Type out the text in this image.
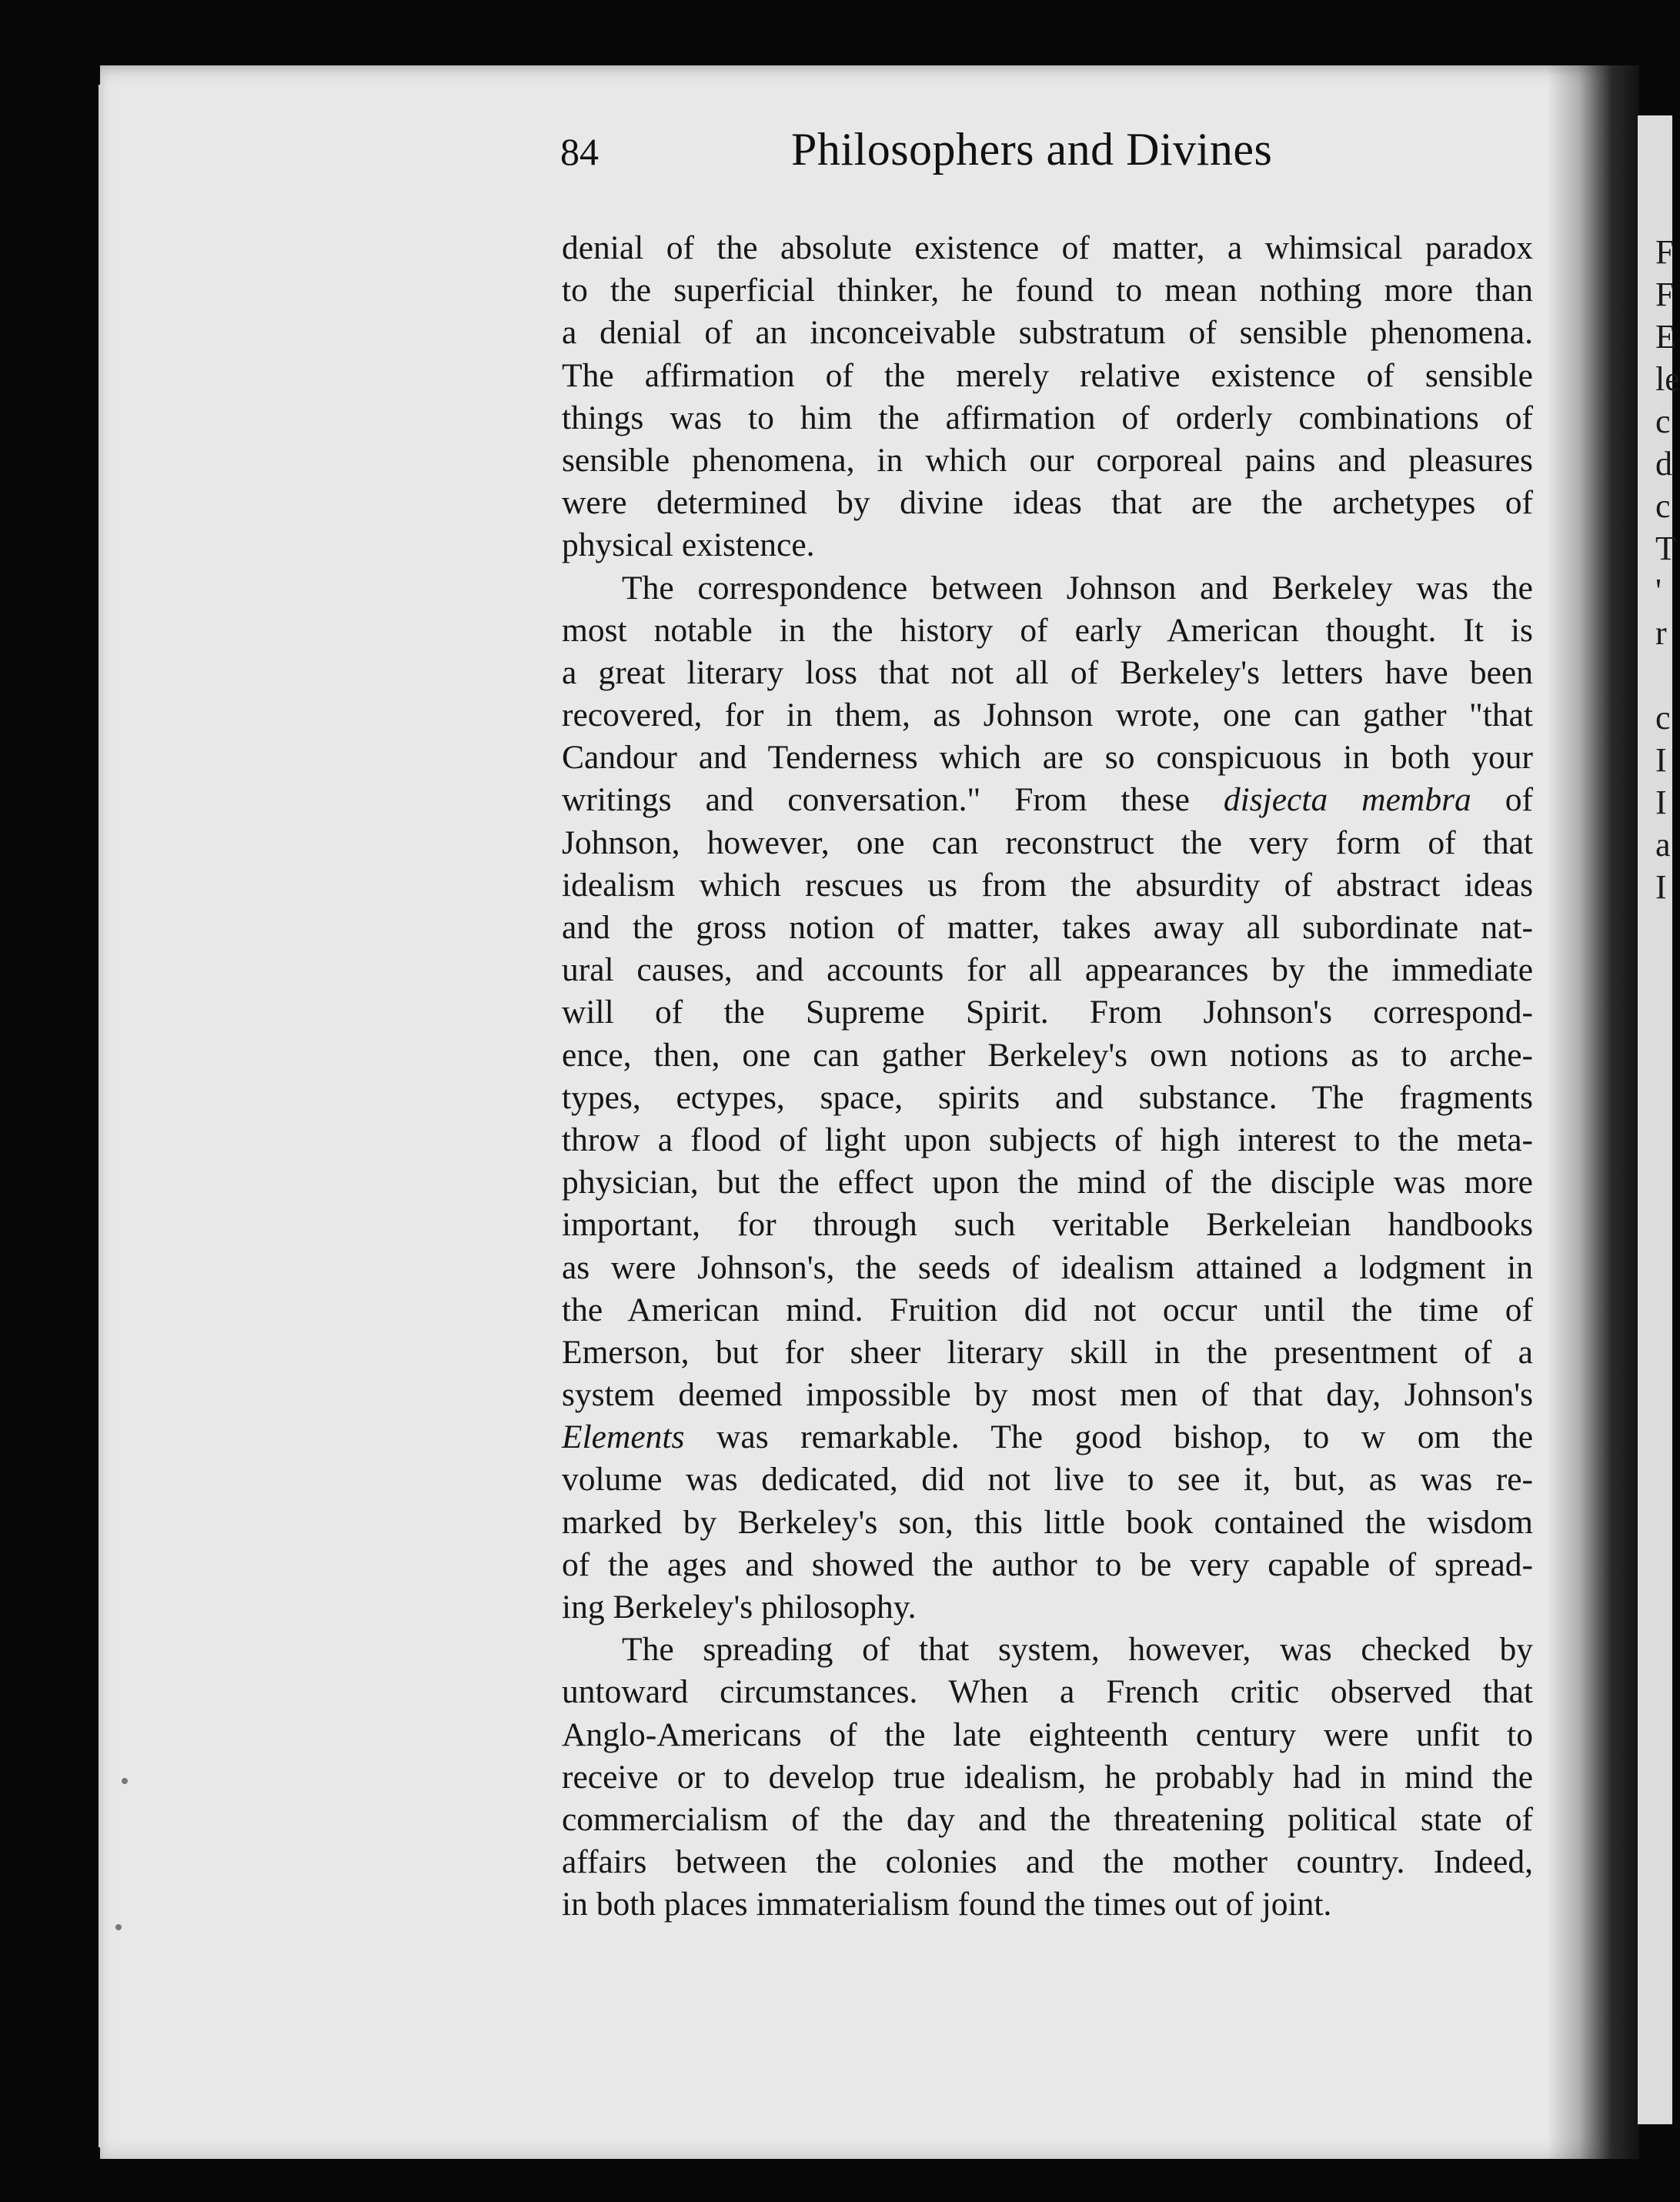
F
F
E
le
c
d
c
T
'
r
c
I
I
a
I
84	Philosophers and Divines
denial of the absolute existence of matter, a whimsical paradox
to the superficial thinker, he found to mean nothing more than
a denial of an inconceivable substratum of sensible phenomena.
The affirmation of the merely relative existence of sensible
things was to him the affirmation of orderly combinations of
sensible phenomena, in which our corporeal pains and pleasures
were determined by divine ideas that are the archetypes of
physical existence.
The correspondence between Johnson and Berkeley was the
most notable in the history of early American thought. It is
a great literary loss that not all of Berkeley's letters have been
recovered, for in them, as Johnson wrote, one can gather "that
Candour and Tenderness which are so conspicuous in both your
writings and conversation." From these disjecta membra of
Johnson, however, one can reconstruct the very form of that
idealism which rescues us from the absurdity of abstract ideas
and the gross notion of matter, takes away all subordinate nat-
ural causes, and accounts for all appearances by the immediate
will of the Supreme Spirit. From Johnson's correspond-
ence, then, one can gather Berkeley's own notions as to arche-
types, ectypes, space, spirits and substance. The fragments
throw a flood of light upon subjects of high interest to the meta-
physician, but the effect upon the mind of the disciple was more
important, for through such veritable Berkeleian handbooks
as were Johnson's, the seeds of idealism attained a lodgment in
the American mind. Fruition did not occur until the time of
Emerson, but for sheer literary skill in the presentment of a
system deemed impossible by most men of that day, Johnson's
Elements was remarkable. The good bishop, to w om the
volume was dedicated, did not live to see it, but, as was re-
marked by Berkeley's son, this little book contained the wisdom
of the ages and showed the author to be very capable of spread-
ing Berkeley's philosophy.
The spreading of that system, however, was checked by
untoward circumstances. When a French critic observed that
Anglo-Americans of the late eighteenth century were unfit to
receive or to develop true idealism, he probably had in mind the
commercialism of the day and the threatening political state of
affairs between the colonies and the mother country. Indeed,
in both places immaterialism found the times out of joint.
